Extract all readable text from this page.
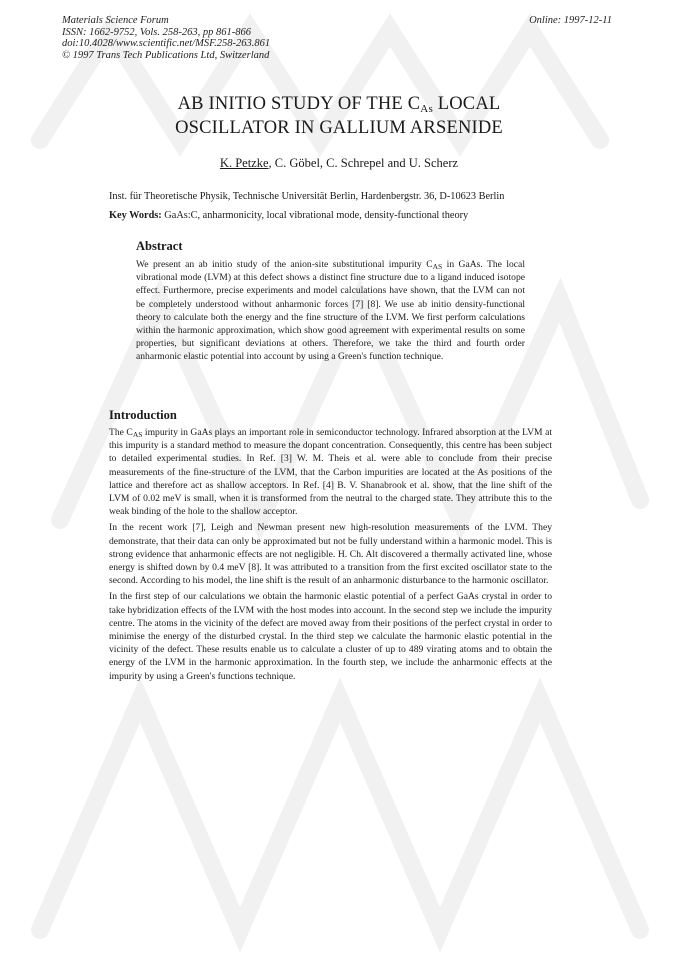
Materials Science Forum
ISSN: 1662-9752, Vols. 258-263, pp 861-866
doi:10.4028/www.scientific.net/MSF.258-263.861
© 1997 Trans Tech Publications Ltd, Switzerland
Online: 1997-12-11
AB INITIO STUDY OF THE CAs LOCAL
OSCILLATOR IN GALLIUM ARSENIDE
K. Petzke, C. Göbel, C. Schrepel and U. Scherz
Inst. für Theoretische Physik, Technische Universität Berlin, Hardenbergstr. 36, D-10623 Berlin
Key Words: GaAs:C, anharmonicity, local vibrational mode, density-functional theory
Abstract
We present an ab initio study of the anion-site substitutional impurity $C_{AS}$ in GaAs. The local vibrational mode (LVM) at this defect shows a distinct fine structure due to a ligand induced isotope effect. Furthermore, precise experiments and model calculations have shown, that the LVM can not be completely understood without anharmonic forces [7] [8]. We use ab initio density-functional theory to calculate both the energy and the fine structure of the LVM. We first perform calculations within the harmonic approximation, which show good agreement with experimental results on some properties, but significant deviations at others. Therefore, we take the third and fourth order anharmonic elastic potential into account by using a Green's function technique.
Introduction

The $C_{AS}$ impurity in GaAs plays an important role in semiconductor technology. Infrared absorption at the LVM at this impurity is a standard method to measure the dopant concentration. Consequently, this centre has been subject to detailed experimental studies. In Ref. [3] W. M. Theis et al. were able to conclude from their precise measurements of the fine-structure of the LVM, that the Carbon impurities are located at the As positions of the lattice and therefore act as shallow acceptors. In Ref. [4] B. V. Shanabrook et al. show, that the line shift of the LVM of 0.02 meV is small, when it is transformed from the neutral to the charged state. They attribute this to the weak binding of the hole to the shallow acceptor.

In the recent work [7], Leigh and Newman present new high-resolution measurements of the LVM. They demonstrate, that their data can only be approximated but not be fully understand within a harmonic model. This is strong evidence that anharmonic effects are not negligible. H. Ch. Alt discovered a thermally activated line, whose energy is shifted down by 0.4 meV [8]. It was attributed to a transition from the first excited oscillator state to the second. According to his model, the line shift is the result of an anharmonic disturbance to the harmonic oscillator.

In the first step of our calculations we obtain the harmonic elastic potential of a perfect GaAs crystal in order to take hybridization effects of the LVM with the host modes into account. In the second step we include the impurity centre. The atoms in the vicinity of the defect are moved away from their positions of the perfect crystal in order to minimise the energy of the disturbed crystal. In the third step we calculate the harmonic elastic potential in the vicinity of the defect. These results enable us to calculate a cluster of up to 489 virating atoms and to obtain the energy of the LVM in the harmonic approximation. In the fourth step, we include the anharmonic effects at the impurity by using a Green's functions technique.
